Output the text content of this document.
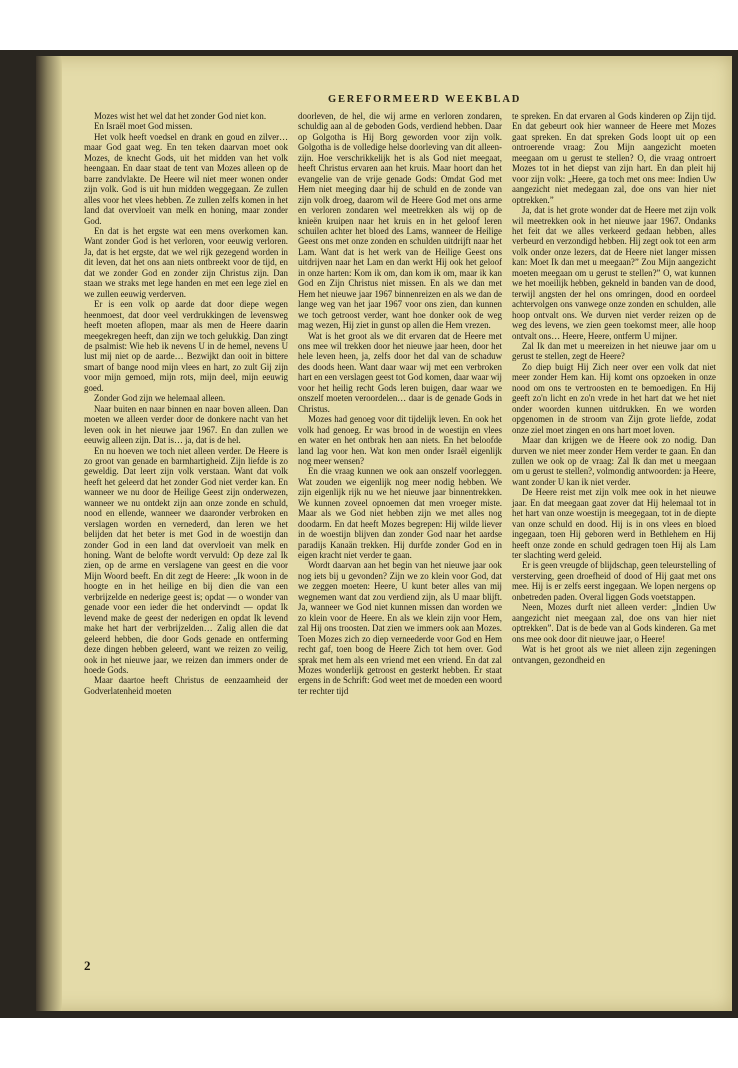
GEREFORMEERD WEEKBLAD

Mozes wist het wel dat het zonder God niet kon.

En Israël moet God missen.

Het volk heeft voedsel en drank en goud en zilver… maar God gaat weg. En ten teken daarvan moet ook Mozes, de knecht Gods, uit het midden van het volk heengaan. En daar staat de tent van Mozes alleen op de barre zandvlakte. De Heere wil niet meer wonen onder zijn volk. God is uit hun midden weggegaan. Ze zullen alles voor het vlees hebben. Ze zullen zelfs komen in het land dat overvloeit van melk en honing, maar zonder God.

En dat is het ergste wat een mens overkomen kan. Want zonder God is het verloren, voor eeuwig verloren. Ja, dat is het ergste, dat we wel rijk gezegend worden in dit leven, dat het ons aan niets ontbreekt voor de tijd, en dat we zonder God en zonder zijn Christus zijn. Dan staan we straks met lege handen en met een lege ziel en we zullen eeuwig verderven.

Er is een volk op aarde dat door diepe wegen heenmoest, dat door veel verdrukkingen de levensweg heeft moeten aflopen, maar als men de Heere daarin meegekregen heeft, dan zijn we toch gelukkig. Dan zingt de psalmist: Wie heb ik nevens U in de hemel, nevens U lust mij niet op de aarde… Bezwijkt dan ooit in bittere smart of bange nood mijn vlees en hart, zo zult Gij zijn voor mijn gemoed, mijn rots, mijn deel, mijn eeuwig goed.

Zonder God zijn we helemaal alleen.

Naar buiten en naar binnen en naar boven alleen. Dan moeten we alleen verder door de donkere nacht van het leven ook in het nieuwe jaar 1967. En dan zullen we eeuwig alleen zijn. Dat is… ja, dat is de hel.

En nu hoeven we toch niet alleen verder. De Heere is zo groot van genade en barmhartigheid. Zijn liefde is zo geweldig. Dat leert zijn volk verstaan. Want dat volk heeft het geleerd dat het zonder God niet verder kan. En wanneer we nu door de Heilige Geest zijn onderwezen, wanneer we nu ontdekt zijn aan onze zonde en schuld, nood en ellende, wanneer we daaronder verbroken en verslagen worden en vernederd, dan leren we het belijden dat het beter is met God in de woestijn dan zonder God in een land dat overvloeit van melk en honing. Want de belofte wordt vervuld: Op deze zal Ik zien, op de arme en verslagene van geest en die voor Mijn Woord beeft. En dit zegt de Heere: „Ik woon in de hoogte en in het heilige en bij dien die van een verbrijzelde en nederige geest is; opdat — o wonder van genade voor een ieder die het ondervindt — opdat Ik levend make de geest der nederigen en opdat Ik levend make het hart der verbrijzelden… Zalig allen die dat geleerd hebben, die door Gods genade en ontferming deze dingen hebben geleerd, want we reizen zo veilig, ook in het nieuwe jaar, we reizen dan immers onder de hoede Gods.

Maar daartoe heeft Christus de eenzaamheid der Godverlatenheid moeten

doorleven, de hel, die wij arme en verloren zondaren, schuldig aan al de geboden Gods, verdiend hebben. Daar op Golgotha is Hij Borg geworden voor zijn volk. Golgotha is de volledige helse doorleving van dit alleen-zijn. Hoe verschrikkelijk het is als God niet meegaat, heeft Christus ervaren aan het kruis. Maar hoort dan het evangelie van de vrije genade Gods: Omdat God met Hem niet meeging daar hij de schuld en de zonde van zijn volk droeg, daarom wil de Heere God met ons arme en verloren zondaren wel meetrekken als wij op de knieën kruipen naar het kruis en in het geloof leren schuilen achter het bloed des Lams, wanneer de Heilige Geest ons met onze zonden en schulden uitdrijft naar het Lam. Want dat is het werk van de Heilige Geest ons uitdrijven naar het Lam en dan werkt Hij ook het geloof in onze harten: Kom ik om, dan kom ik om, maar ik kan God en Zijn Christus niet missen. En als we dan met Hem het nieuwe jaar 1967 binnenreizen en als we dan de lange weg van het jaar 1967 voor ons zien, dan kunnen we toch getroost verder, want hoe donker ook de weg mag wezen, Hij ziet in gunst op allen die Hem vrezen.

Wat is het groot als we dit ervaren dat de Heere met ons mee wil trekken door het nieuwe jaar heen, door het hele leven heen, ja, zelfs door het dal van de schaduw des doods heen. Want daar waar wij met een verbroken hart en een verslagen geest tot God komen, daar waar wij voor het heilig recht Gods leren buigen, daar waar we onszelf moeten veroordelen… daar is de genade Gods in Christus.

Mozes had genoeg voor dit tijdelijk leven. En ook het volk had genoeg. Er was brood in de woestijn en vlees en water en het ontbrak hen aan niets. En het beloofde land lag voor hen. Wat kon men onder Israël eigenlijk nog meer wensen?

En die vraag kunnen we ook aan onszelf voorleggen. Wat zouden we eigenlijk nog meer nodig hebben. We zijn eigenlijk rijk nu we het nieuwe jaar binnentrekken. We kunnen zoveel opnoemen dat men vroeger miste. Maar als we God niet hebben zijn we met alles nog doodarm. En dat heeft Mozes begrepen: Hij wilde liever in de woestijn blijven dan zonder God naar het aardse paradijs Kanaän trekken. Hij durfde zonder God en in eigen kracht niet verder te gaan.

Wordt daarvan aan het begin van het nieuwe jaar ook nog iets bij u gevonden? Zijn we zo klein voor God, dat we zeggen moeten: Heere, U kunt beter alles van mij wegnemen want dat zou verdiend zijn, als U maar blijft. Ja, wanneer we God niet kunnen missen dan worden we zo klein voor de Heere. En als we klein zijn voor Hem, zal Hij ons troosten. Dat zien we immers ook aan Mozes. Toen Mozes zich zo diep verneederde voor God en Hem recht gaf, toen boog de Heere Zich tot hem over. God sprak met hem als een vriend met een vriend. En dat zal Mozes wonderlijk getroost en gesterkt hebben. Er staat ergens in de Schrift: God weet met de moeden een woord ter rechter tijd

te spreken. En dat ervaren al Gods kinderen op Zijn tijd. En dat gebeurt ook hier wanneer de Heere met Mozes gaat spreken. En dat spreken Gods loopt uit op een ontroerende vraag: Zou Mijn aangezicht moeten meegaan om u gerust te stellen? O, die vraag ontroert Mozes tot in het diepst van zijn hart. En dan pleit hij voor zijn volk: „Heere, ga toch met ons mee: Indien Uw aangezicht niet medegaan zal, doe ons van hier niet optrekken.”

Ja, dat is het grote wonder dat de Heere met zijn volk wil meetrekken ook in het nieuwe jaar 1967. Ondanks het feit dat we alles verkeerd gedaan hebben, alles verbeurd en verzondigd hebben. Hij zegt ook tot een arm volk onder onze lezers, dat de Heere niet langer missen kan: Moet Ik dan met u meegaan?” Zou Mijn aangezicht moeten meegaan om u gerust te stellen?” O, wat kunnen we het moeilijk hebben, gekneld in banden van de dood, terwijl angsten der hel ons omringen, dood en oordeel achtervolgen ons vanwege onze zonden en schulden, alle hoop ontvalt ons. We durven niet verder reizen op de weg des levens, we zien geen toekomst meer, alle hoop ontvalt ons… Heere, Heere, ontferm U mijner.

Zal Ik dan met u meereizen in het nieuwe jaar om u gerust te stellen, zegt de Heere?

Zo diep buigt Hij Zich neer over een volk dat niet meer zonder Hem kan. Hij komt ons opzoeken in onze nood om ons te vertroosten en te bemoedigen. En Hij geeft zo'n licht en zo'n vrede in het hart dat we het niet onder woorden kunnen uitdrukken. En we worden opgenomen in de stroom van Zijn grote liefde, zodat onze ziel moet zingen en ons hart moet loven.

Maar dan krijgen we de Heere ook zo nodig. Dan durven we niet meer zonder Hem verder te gaan. En dan zullen we ook op de vraag: Zal Ik dan met u meegaan om u gerust te stellen?, volmondig antwoorden: ja Heere, want zonder U kan ik niet verder.

De Heere reist met zijn volk mee ook in het nieuwe jaar. En dat meegaan gaat zover dat Hij helemaal tot in het hart van onze woestijn is meegegaan, tot in de diepte van onze schuld en dood. Hij is in ons vlees en bloed ingegaan, toen Hij geboren werd in Bethlehem en Hij heeft onze zonde en schuld gedragen toen Hij als Lam ter slachting werd geleid.

Er is geen vreugde of blijdschap, geen teleurstelling of versterving, geen droefheid of dood of Hij gaat met ons mee. Hij is er zelfs eerst ingegaan. We lopen nergens op onbetreden paden. Overal liggen Gods voetstappen.

Neen, Mozes durft niet alleen verder: „Indien Uw aangezicht niet meegaan zal, doe ons van hier niet optrekken”. Dat is de bede van al Gods kinderen. Ga met ons mee ook door dit nieuwe jaar, o Heere!

Wat is het groot als we niet alleen zijn zegeningen ontvangen, gezondheid en

2
